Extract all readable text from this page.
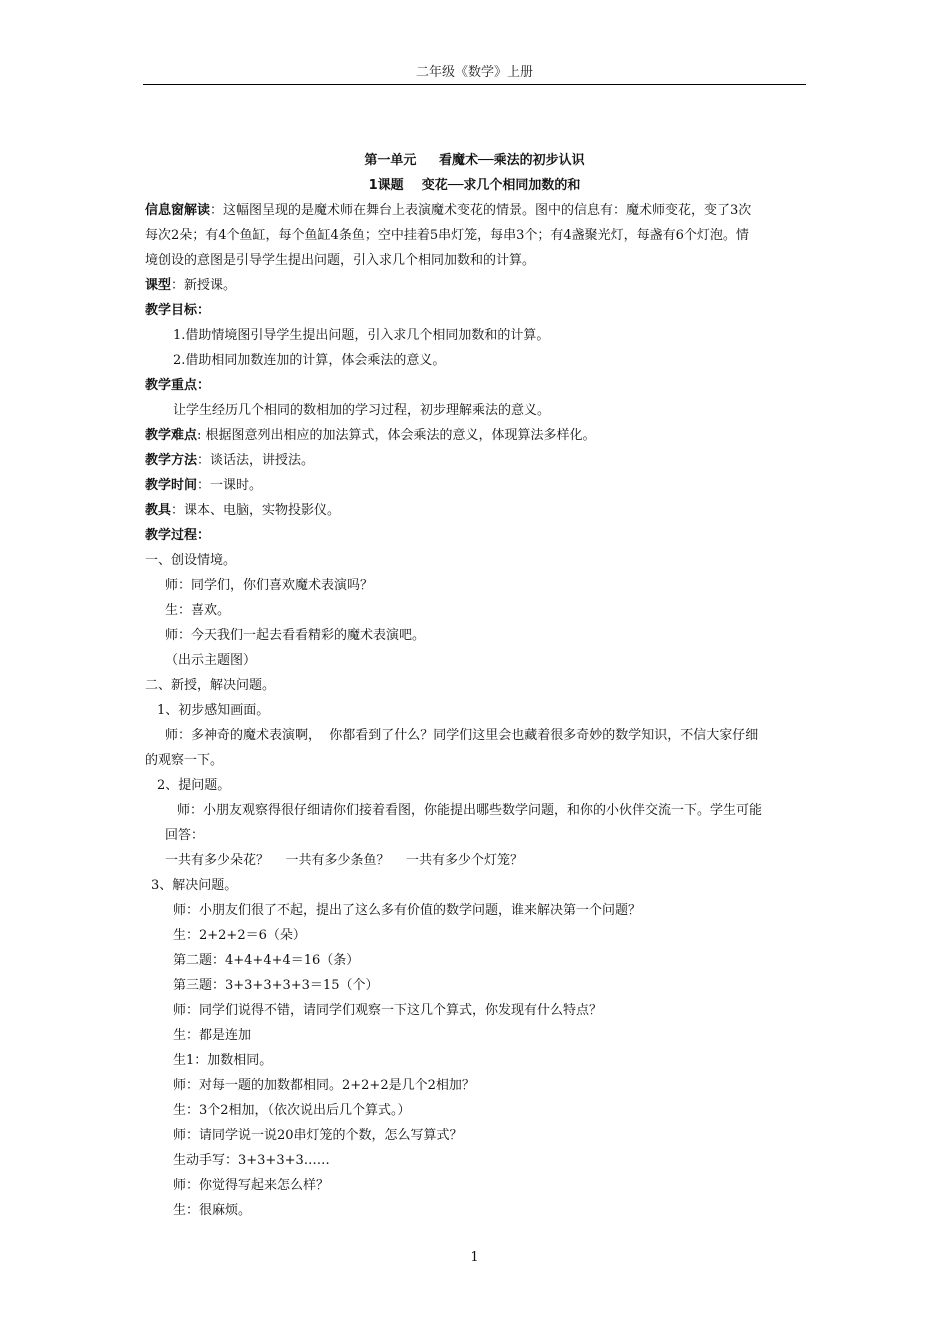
二年级《数学》上册
第一单元     看魔术──乘法的初步认识
1课题    变花──求几个相同加数的和
信息窗解读：这幅图呈现的是魔术师在舞台上表演魔术变花的情景。图中的信息有：魔术师变花，变了3次
每次2朵；有4个鱼缸，每个鱼缸4条鱼；空中挂着5串灯笼，每串3个；有4盏聚光灯，每盏有6个灯泡。情
境创设的意图是引导学生提出问题，引入求几个相同加数和的计算。
课型：新授课。
教学目标：
1.借助情境图引导学生提出问题，引入求几个相同加数和的计算。
2.借助相同加数连加的计算，体会乘法的意义。
教学重点：
让学生经历几个相同的数相加的学习过程，初步理解乘法的意义。
教学难点: 根据图意列出相应的加法算式，体会乘法的意义，体现算法多样化。
教学方法：谈话法，讲授法。
教学时间：一课时。
教具：课本、电脑，实物投影仪。
教学过程：
一、创设情境。
师：同学们，你们喜欢魔术表演吗？
生：喜欢。
师：今天我们一起去看看精彩的魔术表演吧。
（出示主题图）
二、新授，解决问题。
1、初步感知画面。
师：多神奇的魔术表演啊，  你都看到了什么？同学们这里会也藏着很多奇妙的数学知识，不信大家仔细
的观察一下。
2、提问题。
师：小朋友观察得很仔细请你们接着看图，你能提出哪些数学问题，和你的小伙伴交流一下。学生可能
回答：
一共有多少朵花？    一共有多少条鱼？    一共有多少个灯笼？
3、解决问题。
师：小朋友们很了不起，提出了这么多有价值的数学问题，谁来解决第一个问题？
生：2+2+2＝6（朵）
第二题：4+4+4+4＝16（条）
第三题：3+3+3+3+3＝15（个）
师：同学们说得不错，请同学们观察一下这几个算式，你发现有什么特点？
生：都是连加
生1：加数相同。
师：对每一题的加数都相同。2+2+2是几个2相加？
生：3个2相加，（依次说出后几个算式。）
师：请同学说一说20串灯笼的个数，怎么写算式？
生动手写：3+3+3+3……
师：你觉得写起来怎么样？
生：很麻烦。
1
